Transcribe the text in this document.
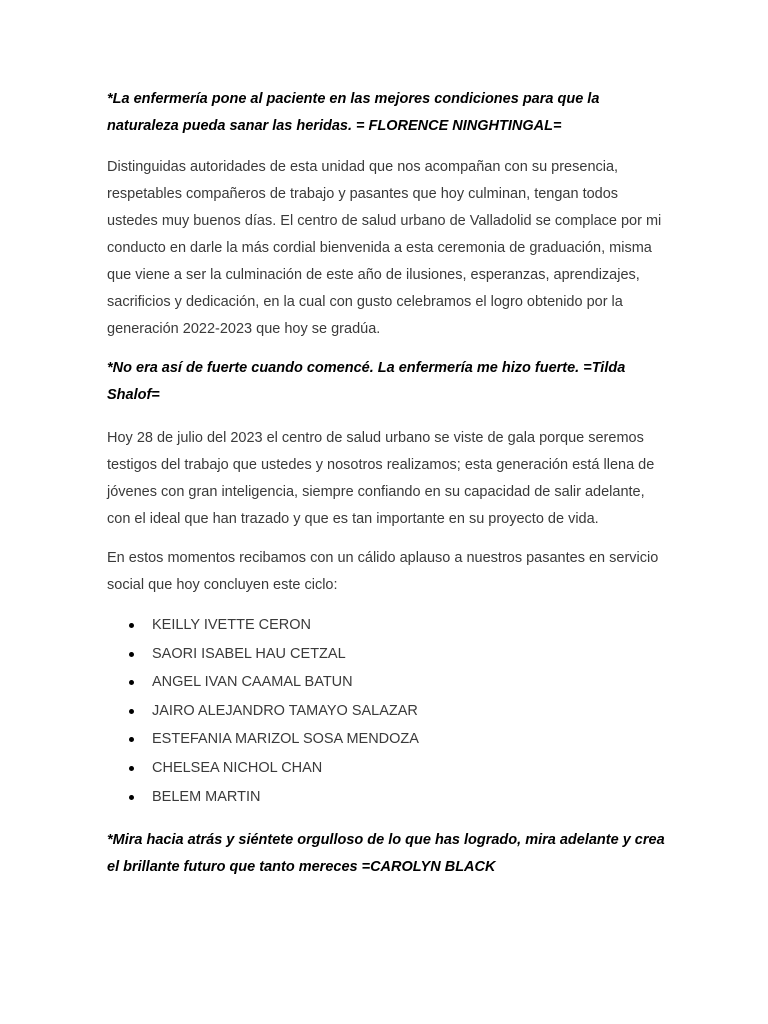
*La enfermería pone al paciente en las mejores condiciones para que la naturaleza pueda sanar las heridas. = FLORENCE NINGHTINGAL=

Distinguidas autoridades de esta unidad que nos acompañan con su presencia, respetables compañeros de trabajo y pasantes que hoy culminan, tengan todos ustedes muy buenos días. El centro de salud urbano de Valladolid se complace por mi conducto en darle la más cordial bienvenida a esta ceremonia de graduación, misma que viene a ser la culminación de este año de ilusiones, esperanzas, aprendizajes, sacrificios y dedicación, en la cual con gusto celebramos el logro obtenido por la generación 2022-2023 que hoy se gradúa.

*No era así de fuerte cuando comencé. La enfermería me hizo fuerte. =Tilda Shalof=

Hoy 28 de julio del 2023 el centro de salud urbano se viste de gala porque seremos testigos del trabajo que ustedes y nosotros realizamos; esta generación está llena de jóvenes con gran inteligencia, siempre confiando en su capacidad de salir adelante, con el ideal que han trazado y que es tan importante en su proyecto de vida.

En estos momentos recibamos con un cálido aplauso a nuestros pasantes en servicio social que hoy concluyen este ciclo:

KEILLY IVETTE CERON
SAORI ISABEL HAU CETZAL
ANGEL IVAN CAAMAL BATUN
JAIRO ALEJANDRO TAMAYO SALAZAR
ESTEFANIA MARIZOL SOSA MENDOZA
CHELSEA NICHOL CHAN
BELEM MARTIN

*Mira hacia atrás y siéntete orgulloso de lo que has logrado, mira adelante y crea el brillante futuro que tanto mereces =CAROLYN BLACK
